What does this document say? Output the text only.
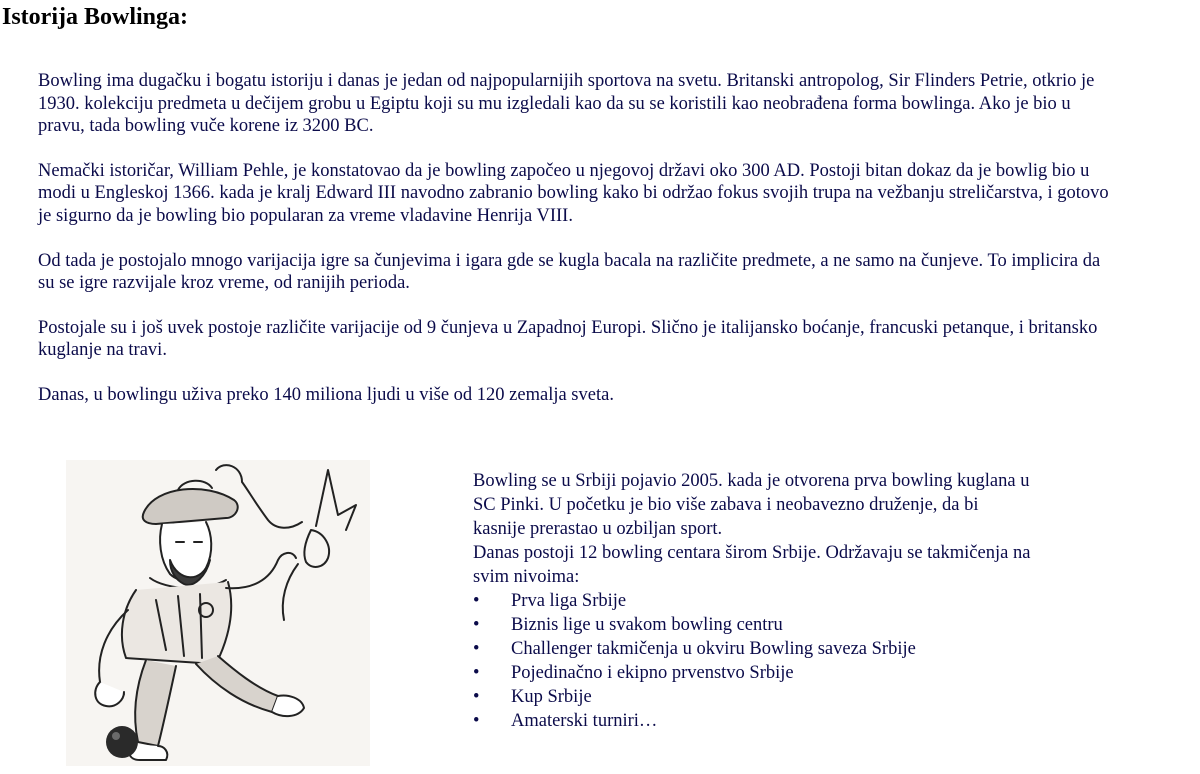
Istorija Bowlinga:

Bowling ima dugačku i bogatu istoriju i danas je jedan od najpopularnijih sportova na svetu. Britanski antropolog, Sir Flinders Petrie, otkrio je 1930. kolekciju predmeta u dečijem grobu u Egiptu koji su mu izgledali kao da su se koristili kao neobrađena forma bowlinga. Ako je bio u pravu, tada bowling vuče korene iz 3200 BC.

Nemački istoričar, William Pehle, je konstatovao da je bowling započeo u njegovoj državi oko 300 AD. Postoji bitan dokaz da je bowlig bio u modi u Engleskoj 1366. kada je kralj Edward III navodno zabranio bowling kako bi održao fokus svojih trupa na vežbanju streličarstva, i gotovo je sigurno da je bowling bio popularan za vreme vladavine Henrija VIII.

Od tada je postojalo mnogo varijacija igre sa čunjevima i igara gde se kugla bacala na različite predmete, a ne samo na čunjeve. To implicira da su se igre razvijale kroz vreme, od ranijih perioda.

Postojale su i još uvek postoje različite varijacije od 9 čunjeva u Zapadnoj Europi. Slično je italijansko boćanje, francuski petanque, i britansko kuglanje na travi.

Danas, u bowlingu uživa preko 140 miliona ljudi u više od 120 zemalja sveta.

Bowling se u Srbiji pojavio 2005. kada je otvorena prva bowling kuglana u SC Pinki. U početku je bio više zabava i neobavezno druženje, da bi kasnije prerastao u ozbiljan sport.

Danas postoji 12 bowling centara širom Srbije. Održavaju se takmičenja na svim nivoima:

• Prva liga Srbije
• Biznis lige u svakom bowling centru
• Challenger takmičenja u okviru Bowling saveza Srbije
• Pojedinačno i ekipno prvenstvo Srbije
• Kup Srbije
• Amaterski turniri…
